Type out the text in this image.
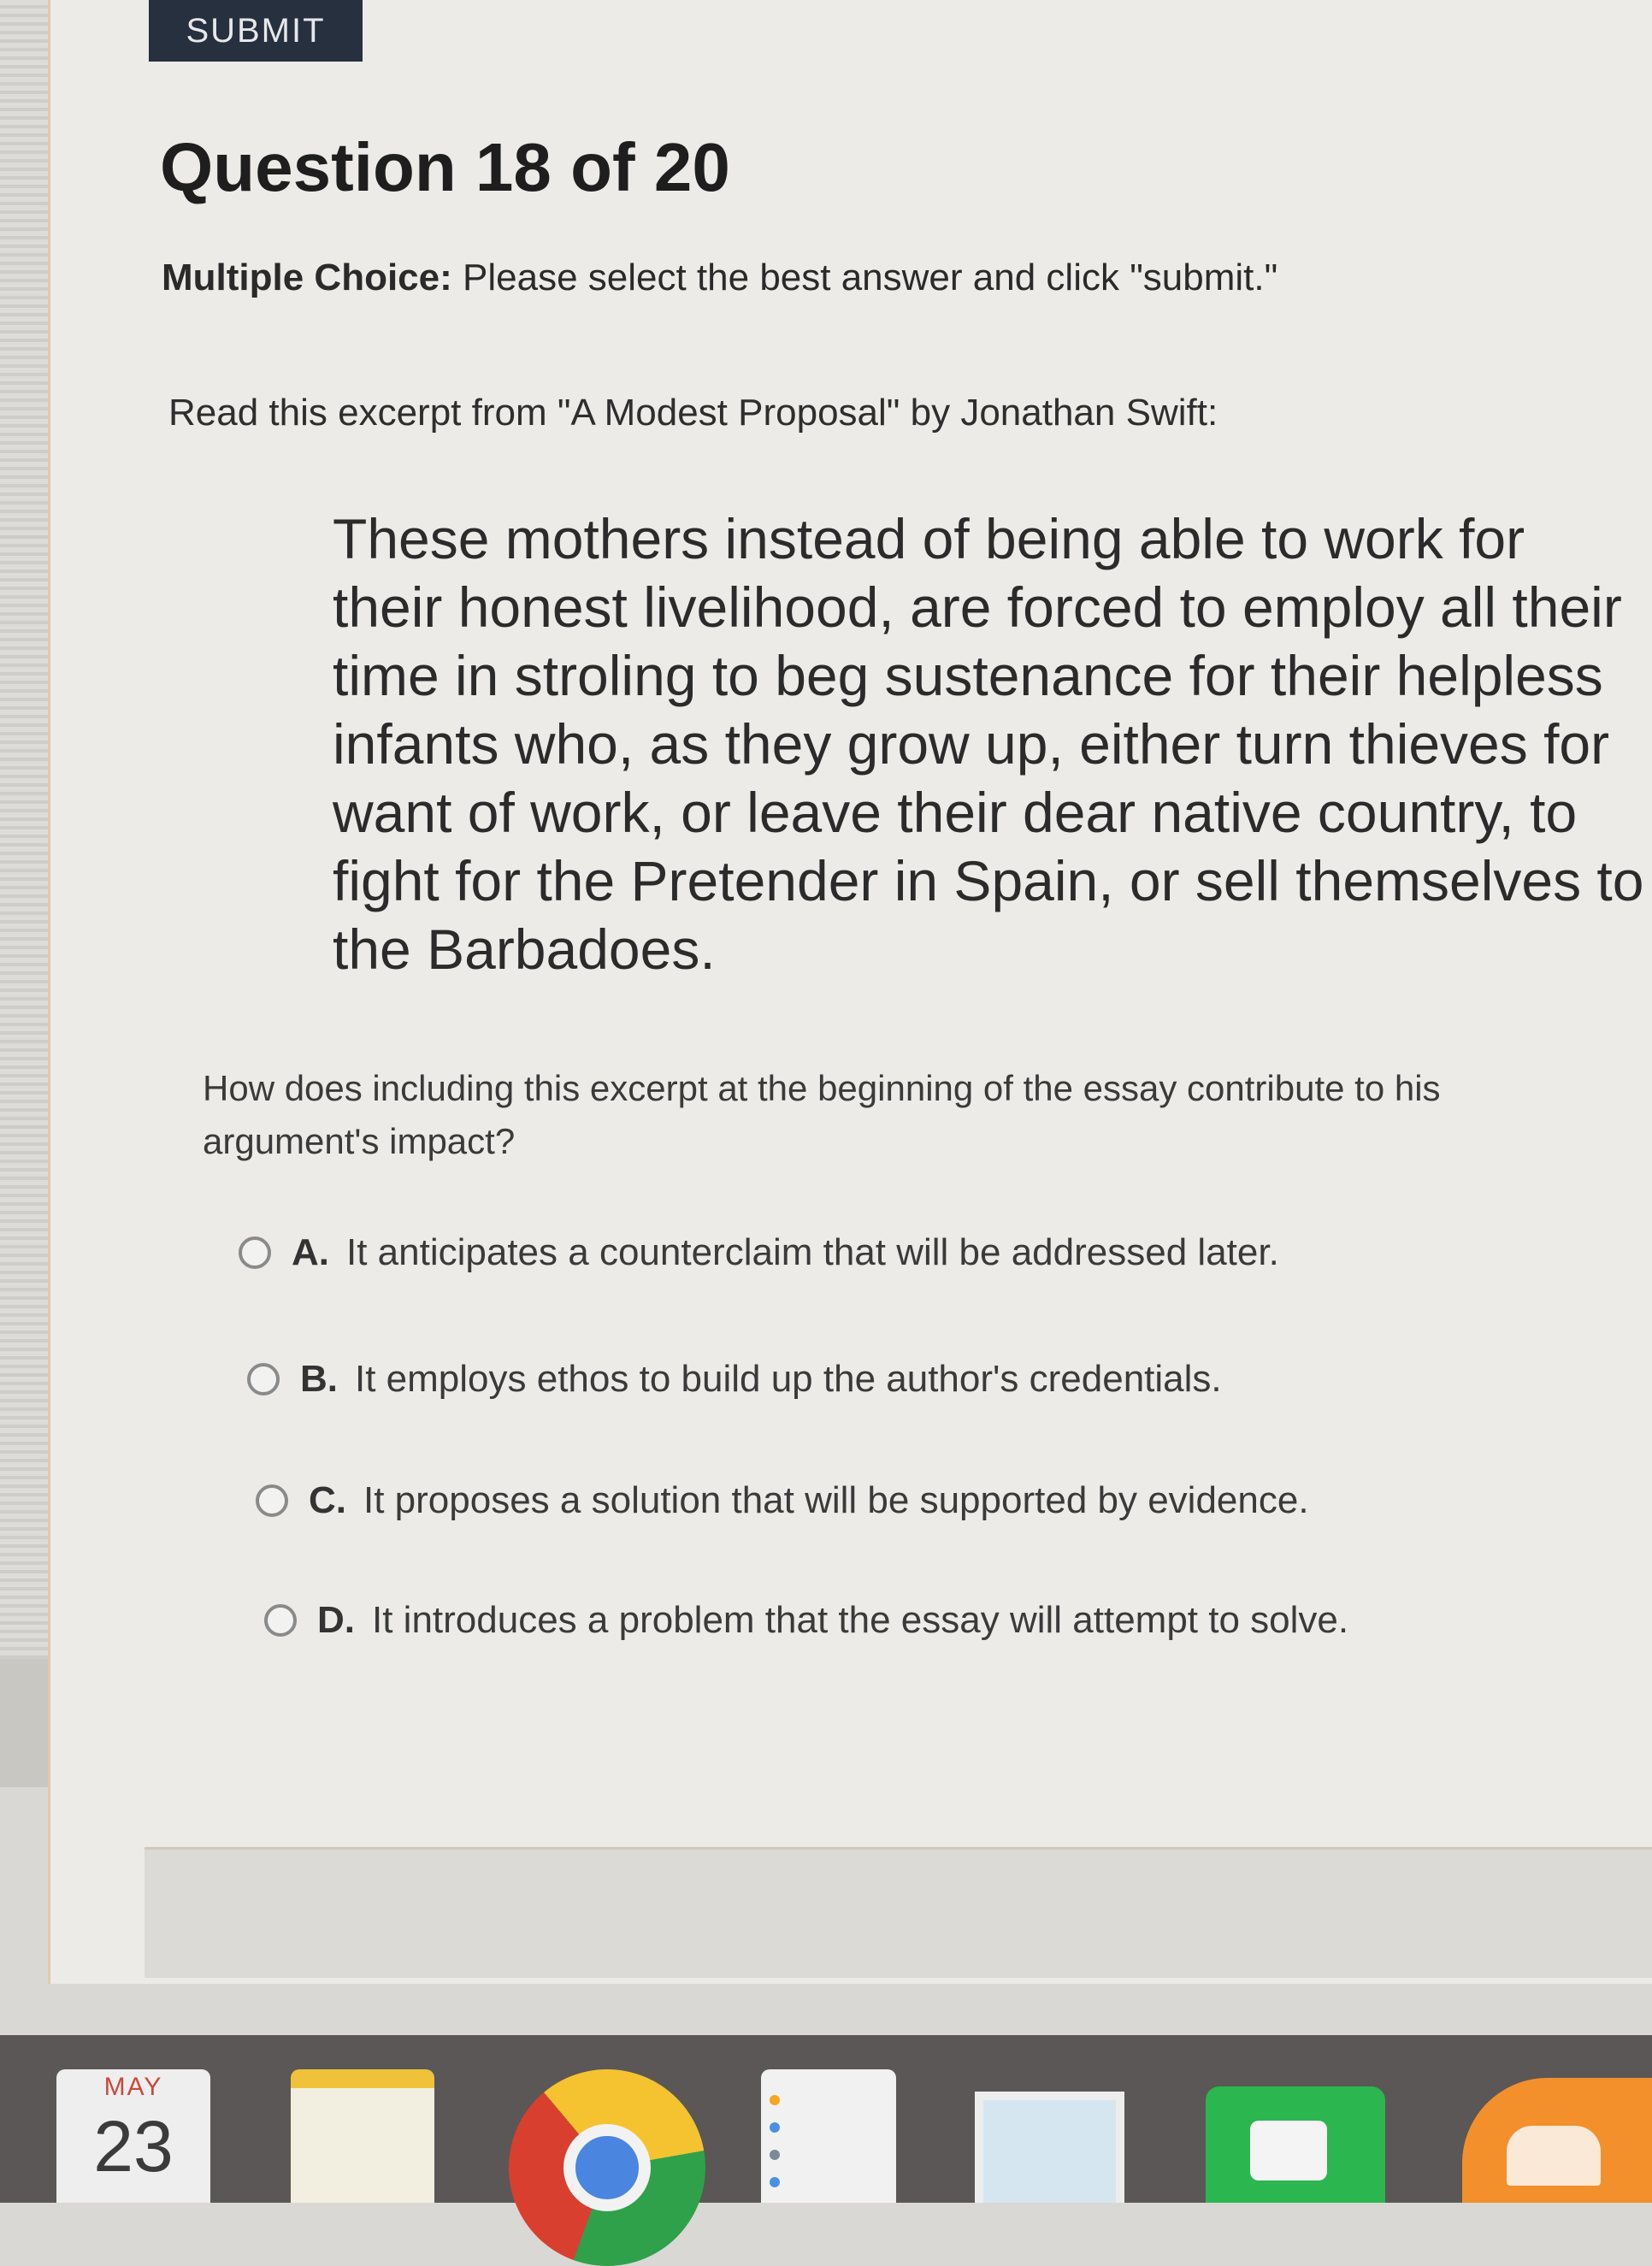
SUBMIT
Question 18 of 20
Multiple Choice: Please select the best answer and click "submit."
Read this excerpt from "A Modest Proposal" by Jonathan Swift:
These mothers instead of being able to work for their honest livelihood, are forced to employ all their time in stroling to beg sustenance for their helpless infants who, as they grow up, either turn thieves for want of work, or leave their dear native country, to fight for the Pretender in Spain, or sell themselves to the Barbadoes.
How does including this excerpt at the beginning of the essay contribute to his
argument's impact?
A. It anticipates a counterclaim that will be addressed later.
B. It employs ethos to build up the author's credentials.
C. It proposes a solution that will be supported by evidence.
D. It introduces a problem that the essay will attempt to solve.
MAY
23
